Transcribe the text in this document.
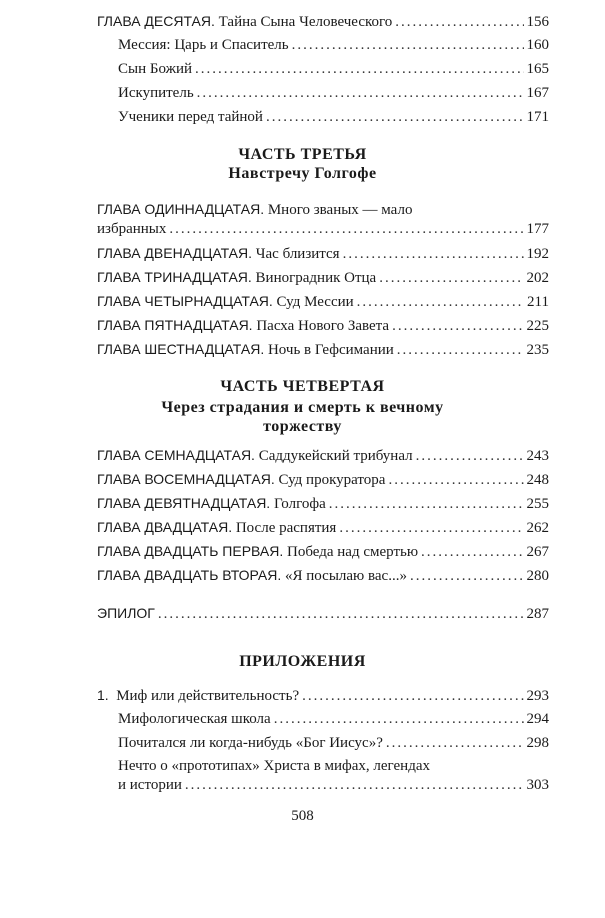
ГЛАВА ДЕСЯТАЯ. Тайна Сына Человеческого .....	156
Мессия: Царь и Спаситель .....	160
Сын Божий .....	165
Искупитель .....	167
Ученики перед тайной .....	171
ЧАСТЬ ТРЕТЬЯ
Навстречу Голгофе
ГЛАВА ОДИННАДЦАТАЯ. Много званых — мало
избранных .....	177
ГЛАВА ДВЕНАДЦАТАЯ. Час близится .....	192
ГЛАВА ТРИНАДЦАТАЯ. Виноградник Отца .....	202
ГЛАВА ЧЕТЫРНАДЦАТАЯ. Суд Мессии .....	211
ГЛАВА ПЯТНАДЦАТАЯ. Пасха Нового Завета .....	225
ГЛАВА ШЕСТНАДЦАТАЯ. Ночь в Гефсимании .....	235
ЧАСТЬ ЧЕТВЕРТАЯ
Через страдания и смерть к вечному
торжеству
ГЛАВА СЕМНАДЦАТАЯ. Саддукейский трибунал .....	243
ГЛАВА ВОСЕМНАДЦАТАЯ. Суд прокуратора .....	248
ГЛАВА ДЕВЯТНАДЦАТАЯ. Голгофа .....	255
ГЛАВА ДВАДЦАТАЯ. После распятия .....	262
ГЛАВА ДВАДЦАТЬ ПЕРВАЯ. Победа над смертью .....	267
ГЛАВА ДВАДЦАТЬ ВТОРАЯ. «Я посылаю вас...» .....	280
ЭПИЛОГ .....	287
ПРИЛОЖЕНИЯ
1. Миф или действительность? .....	293
Мифологическая школа .....	294
Почитался ли когда-нибудь «Бог Иисус»? .....	298
Нечто о «прототипах» Христа в мифах, легендах
и истории .....	303
508
